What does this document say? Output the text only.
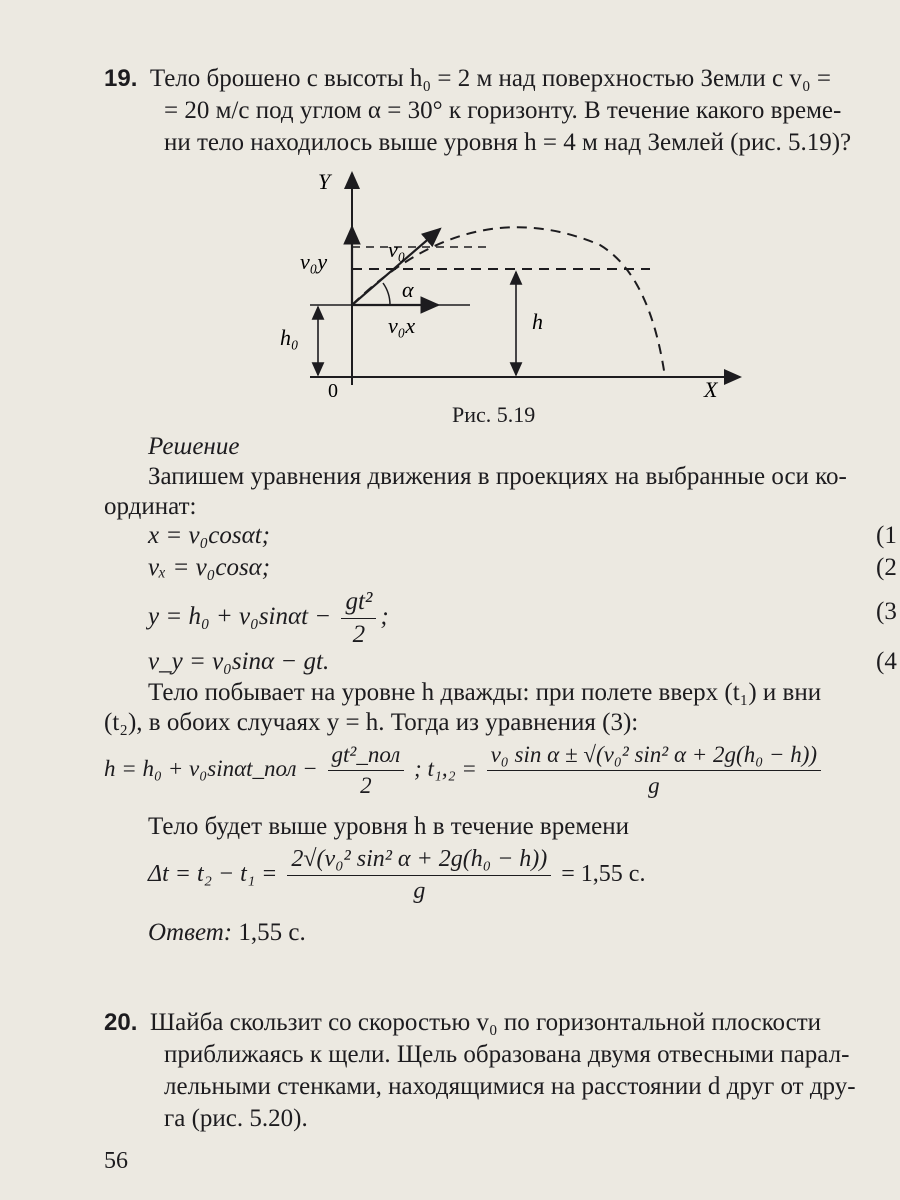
19. Тело брошено с высоты h₀ = 2 м над поверхностью Земли с v₀ =
= 20 м/с под углом α = 30° к горизонту. В течение какого време-
ни тело находилось выше уровня h = 4 м над Землей (рис. 5.19)?
Y
X
0
v₀
v₀y
v₀x
α
h₀
h
Рис. 5.19
Решение
Запишем уравнения движения в проекциях на выбранные оси ко-
ординат:
x = v₀cosαt;	(1
vₓ = v₀cosα;	(2
$y = h_0 + v_0\sin\alpha t - \frac{\text{gt²}}{2}$ ;	(3
v_y = v₀sinα − gt.	(4
Тело побывает на уровне h дважды: при полете вверх (t₁) и вни
(t₂), в обоих случаях y = h. Тогда из уравнения (3):
h = h₀ + v₀sinαt_пол − $\frac{\text{gt²\_пол}}{2}$ ; $t_1,_2 = \frac{\text{v₀ sin α ± √(v₀² sin² α + 2g(h₀ − h))}}{g}$
Тело будет выше уровня h в течение времени
$\Delta t = t_2 - t_1 = \frac{\text{2√(v₀² sin² α + 2g(h₀ − h))}}{g} = 1,55$ с.
Ответ: 1,55 с.
20. Шайба скользит со скоростью v₀ по горизонтальной плоскости
приближаясь к щели. Щель образована двумя отвесными парал-
лельными стенками, находящимися на расстоянии d друг от дру-
га (рис. 5.20).
56
